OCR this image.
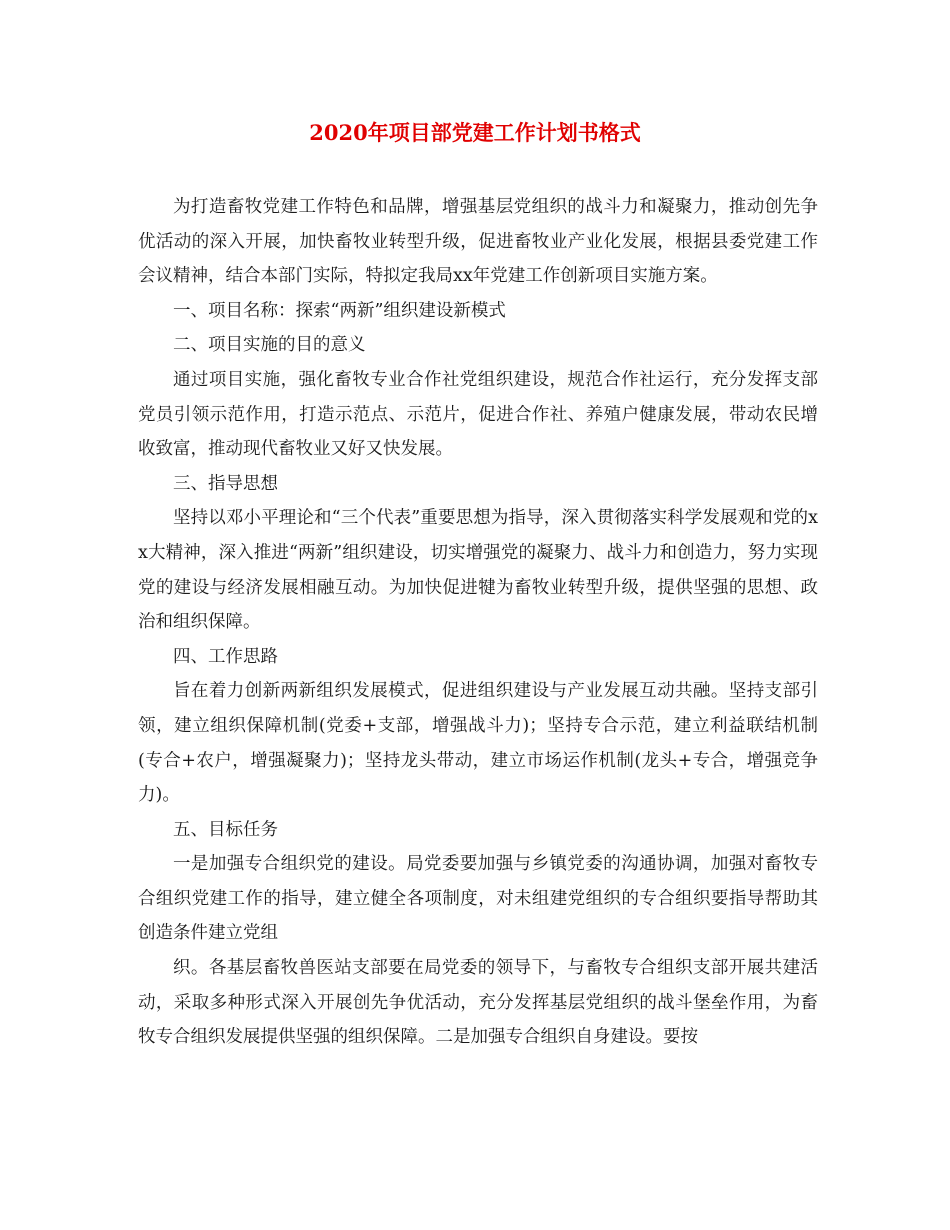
2020年项目部党建工作计划书格式

为打造畜牧党建工作特色和品牌，增强基层党组织的战斗力和凝聚力，推动创先争优活动的深入开展，加快畜牧业转型升级，促进畜牧业产业化发展，根据县委党建工作会议精神，结合本部门实际，特拟定我局xx年党建工作创新项目实施方案。

一、项目名称：探索“两新”组织建设新模式

二、项目实施的目的意义

通过项目实施，强化畜牧专业合作社党组织建设，规范合作社运行，充分发挥支部党员引领示范作用，打造示范点、示范片，促进合作社、养殖户健康发展，带动农民增收致富，推动现代畜牧业又好又快发展。

三、指导思想

坚持以邓小平理论和“三个代表”重要思想为指导，深入贯彻落实科学发展观和党的xx大精神，深入推进“两新”组织建设，切实增强党的凝聚力、战斗力和创造力，努力实现党的建设与经济发展相融互动。为加快促进犍为畜牧业转型升级，提供坚强的思想、政治和组织保障。

四、工作思路

旨在着力创新两新组织发展模式，促进组织建设与产业发展互动共融。坚持支部引领，建立组织保障机制(党委+支部，增强战斗力)；坚持专合示范，建立利益联结机制(专合+农户，增强凝聚力)；坚持龙头带动，建立市场运作机制(龙头+专合，增强竞争力)。

五、目标任务

一是加强专合组织党的建设。局党委要加强与乡镇党委的沟通协调，加强对畜牧专合组织党建工作的指导，建立健全各项制度，对未组建党组织的专合组织要指导帮助其创造条件建立党组

织。各基层畜牧兽医站支部要在局党委的领导下，与畜牧专合组织支部开展共建活动，采取多种形式深入开展创先争优活动，充分发挥基层党组织的战斗堡垒作用，为畜牧专合组织发展提供坚强的组织保障。二是加强专合组织自身建设。要按
